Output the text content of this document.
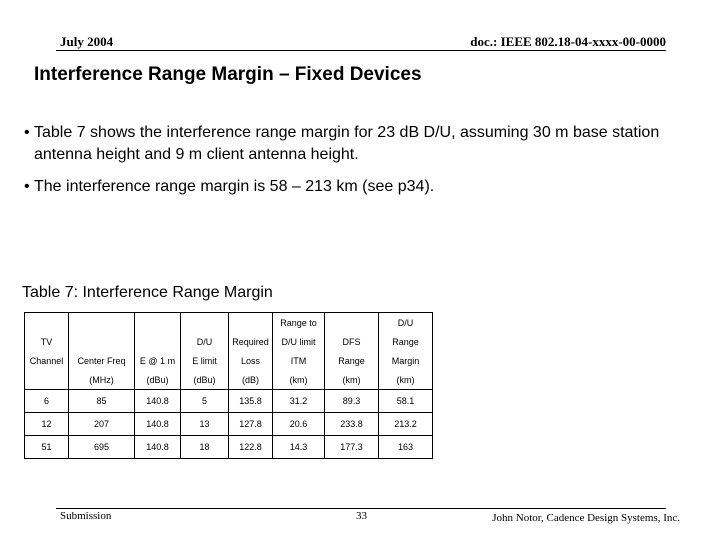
July 2004	doc.: IEEE 802.18-04-xxxx-00-0000
Interference Range Margin – Fixed Devices
• Table 7 shows the interference range margin for 23 dB D/U, assuming 30 m base station antenna height and 9 m client antenna height.
• The interference range margin is 58 – 213 km (see p34).
Table 7: Interference Range Margin
					Range to		D/U
TV			D/U	Required	D/U limit	DFS	Range
Channel	Center Freq	E @ 1 m	E limit	Loss	ITM	Range	Margin
	(MHz)	(dBu)	(dBu)	(dB)	(km)	(km)	(km)
6	85	140.8	5	135.8	31.2	89.3	58.1
12	207	140.8	13	127.8	20.6	233.8	213.2
51	695	140.8	18	122.8	14.3	177.3	163
Submission	33	John Notor, Cadence Design Systems, Inc.
